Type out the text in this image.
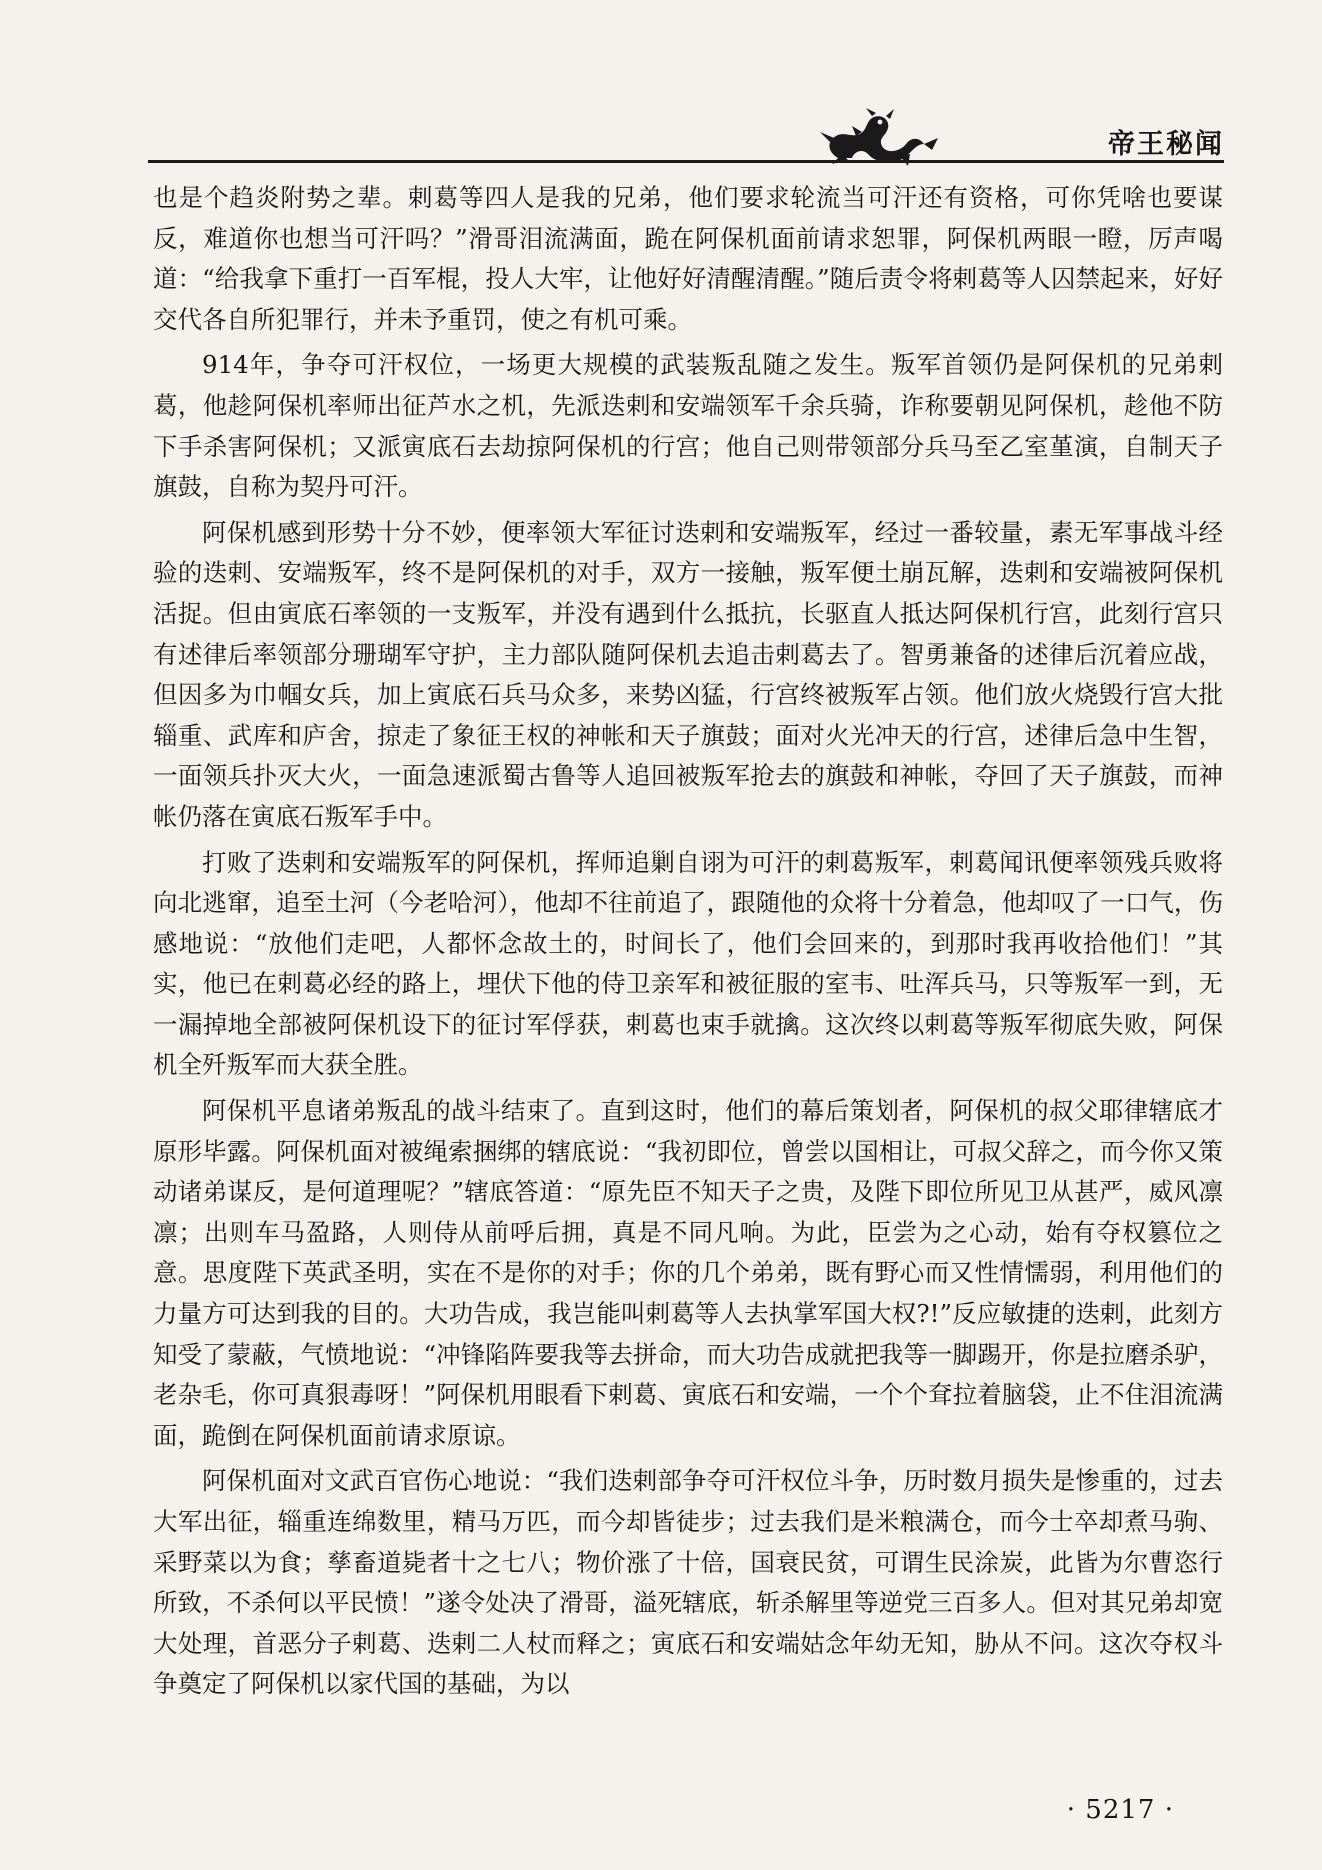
帝王秘闻

也是个趋炎附势之辈。剌葛等四人是我的兄弟，他们要求轮流当可汗还有资格，可你凭啥也要谋反，难道你也想当可汗吗？”滑哥泪流满面，跪在阿保机面前请求恕罪，阿保机两眼一瞪，厉声喝道：“给我拿下重打一百军棍，投人大牢，让他好好清醒清醒。”随后责令将剌葛等人囚禁起来，好好交代各自所犯罪行，并未予重罚，使之有机可乘。

914年，争夺可汗权位，一场更大规模的武装叛乱随之发生。叛军首领仍是阿保机的兄弟剌葛，他趁阿保机率师出征芦水之机，先派迭剌和安端领军千余兵骑，诈称要朝见阿保机，趁他不防下手杀害阿保机；又派寅底石去劫掠阿保机的行宫；他自己则带领部分兵马至乙室堇演，自制天子旗鼓，自称为契丹可汗。

阿保机感到形势十分不妙，便率领大军征讨迭剌和安端叛军，经过一番较量，素无军事战斗经验的迭剌、安端叛军，终不是阿保机的对手，双方一接触，叛军便土崩瓦解，迭剌和安端被阿保机活捉。但由寅底石率领的一支叛军，并没有遇到什么抵抗，长驱直人抵达阿保机行宫，此刻行宫只有述律后率领部分珊瑚军守护，主力部队随阿保机去追击剌葛去了。智勇兼备的述律后沉着应战，但因多为巾帼女兵，加上寅底石兵马众多，来势凶猛，行宫终被叛军占领。他们放火烧毁行宫大批辎重、武库和庐舍，掠走了象征王权的神帐和天子旗鼓；面对火光冲天的行宫，述律后急中生智，一面领兵扑灭大火，一面急速派蜀古鲁等人追回被叛军抢去的旗鼓和神帐，夺回了天子旗鼓，而神帐仍落在寅底石叛军手中。

打败了迭剌和安端叛军的阿保机，挥师追剿自诩为可汗的剌葛叛军，剌葛闻讯便率领残兵败将向北逃窜，追至土河（今老哈河），他却不往前追了，跟随他的众将十分着急，他却叹了一口气，伤感地说：“放他们走吧，人都怀念故土的，时间长了，他们会回来的，到那时我再收拾他们！”其实，他已在剌葛必经的路上，埋伏下他的侍卫亲军和被征服的室韦、吐浑兵马，只等叛军一到，无一漏掉地全部被阿保机设下的征讨军俘获，剌葛也束手就擒。这次终以剌葛等叛军彻底失败，阿保机全歼叛军而大获全胜。

阿保机平息诸弟叛乱的战斗结束了。直到这时，他们的幕后策划者，阿保机的叔父耶律辖底才原形毕露。阿保机面对被绳索捆绑的辖底说：“我初即位，曾尝以国相让，可叔父辞之，而今你又策动诸弟谋反，是何道理呢？”辖底答道：“原先臣不知天子之贵，及陛下即位所见卫从甚严，威风凛凛；出则车马盈路，人则侍从前呼后拥，真是不同凡响。为此，臣尝为之心动，始有夺权篡位之意。思度陛下英武圣明，实在不是你的对手；你的几个弟弟，既有野心而又性情懦弱，利用他们的力量方可达到我的目的。大功告成，我岂能叫剌葛等人去执掌军国大权?!”反应敏捷的迭剌，此刻方知受了蒙蔽，气愤地说：“冲锋陷阵要我等去拼命，而大功告成就把我等一脚踢开，你是拉磨杀驴，老杂毛，你可真狠毒呀！”阿保机用眼看下剌葛、寅底石和安端，一个个耷拉着脑袋，止不住泪流满面，跪倒在阿保机面前请求原谅。

阿保机面对文武百官伤心地说：“我们迭剌部争夺可汗权位斗争，历时数月损失是惨重的，过去大军出征，辎重连绵数里，精马万匹，而今却皆徒步；过去我们是米粮满仓，而今士卒却煮马驹、采野菜以为食；孳畜道毙者十之七八；物价涨了十倍，国衰民贫，可谓生民涂炭，此皆为尔曹恣行所致，不杀何以平民愤！”遂令处决了滑哥，溢死辖底，斩杀解里等逆党三百多人。但对其兄弟却宽大处理，首恶分子剌葛、迭剌二人杖而释之；寅底石和安端姑念年幼无知，胁从不问。这次夺权斗争奠定了阿保机以家代国的基础，为以

· 5217 ·
